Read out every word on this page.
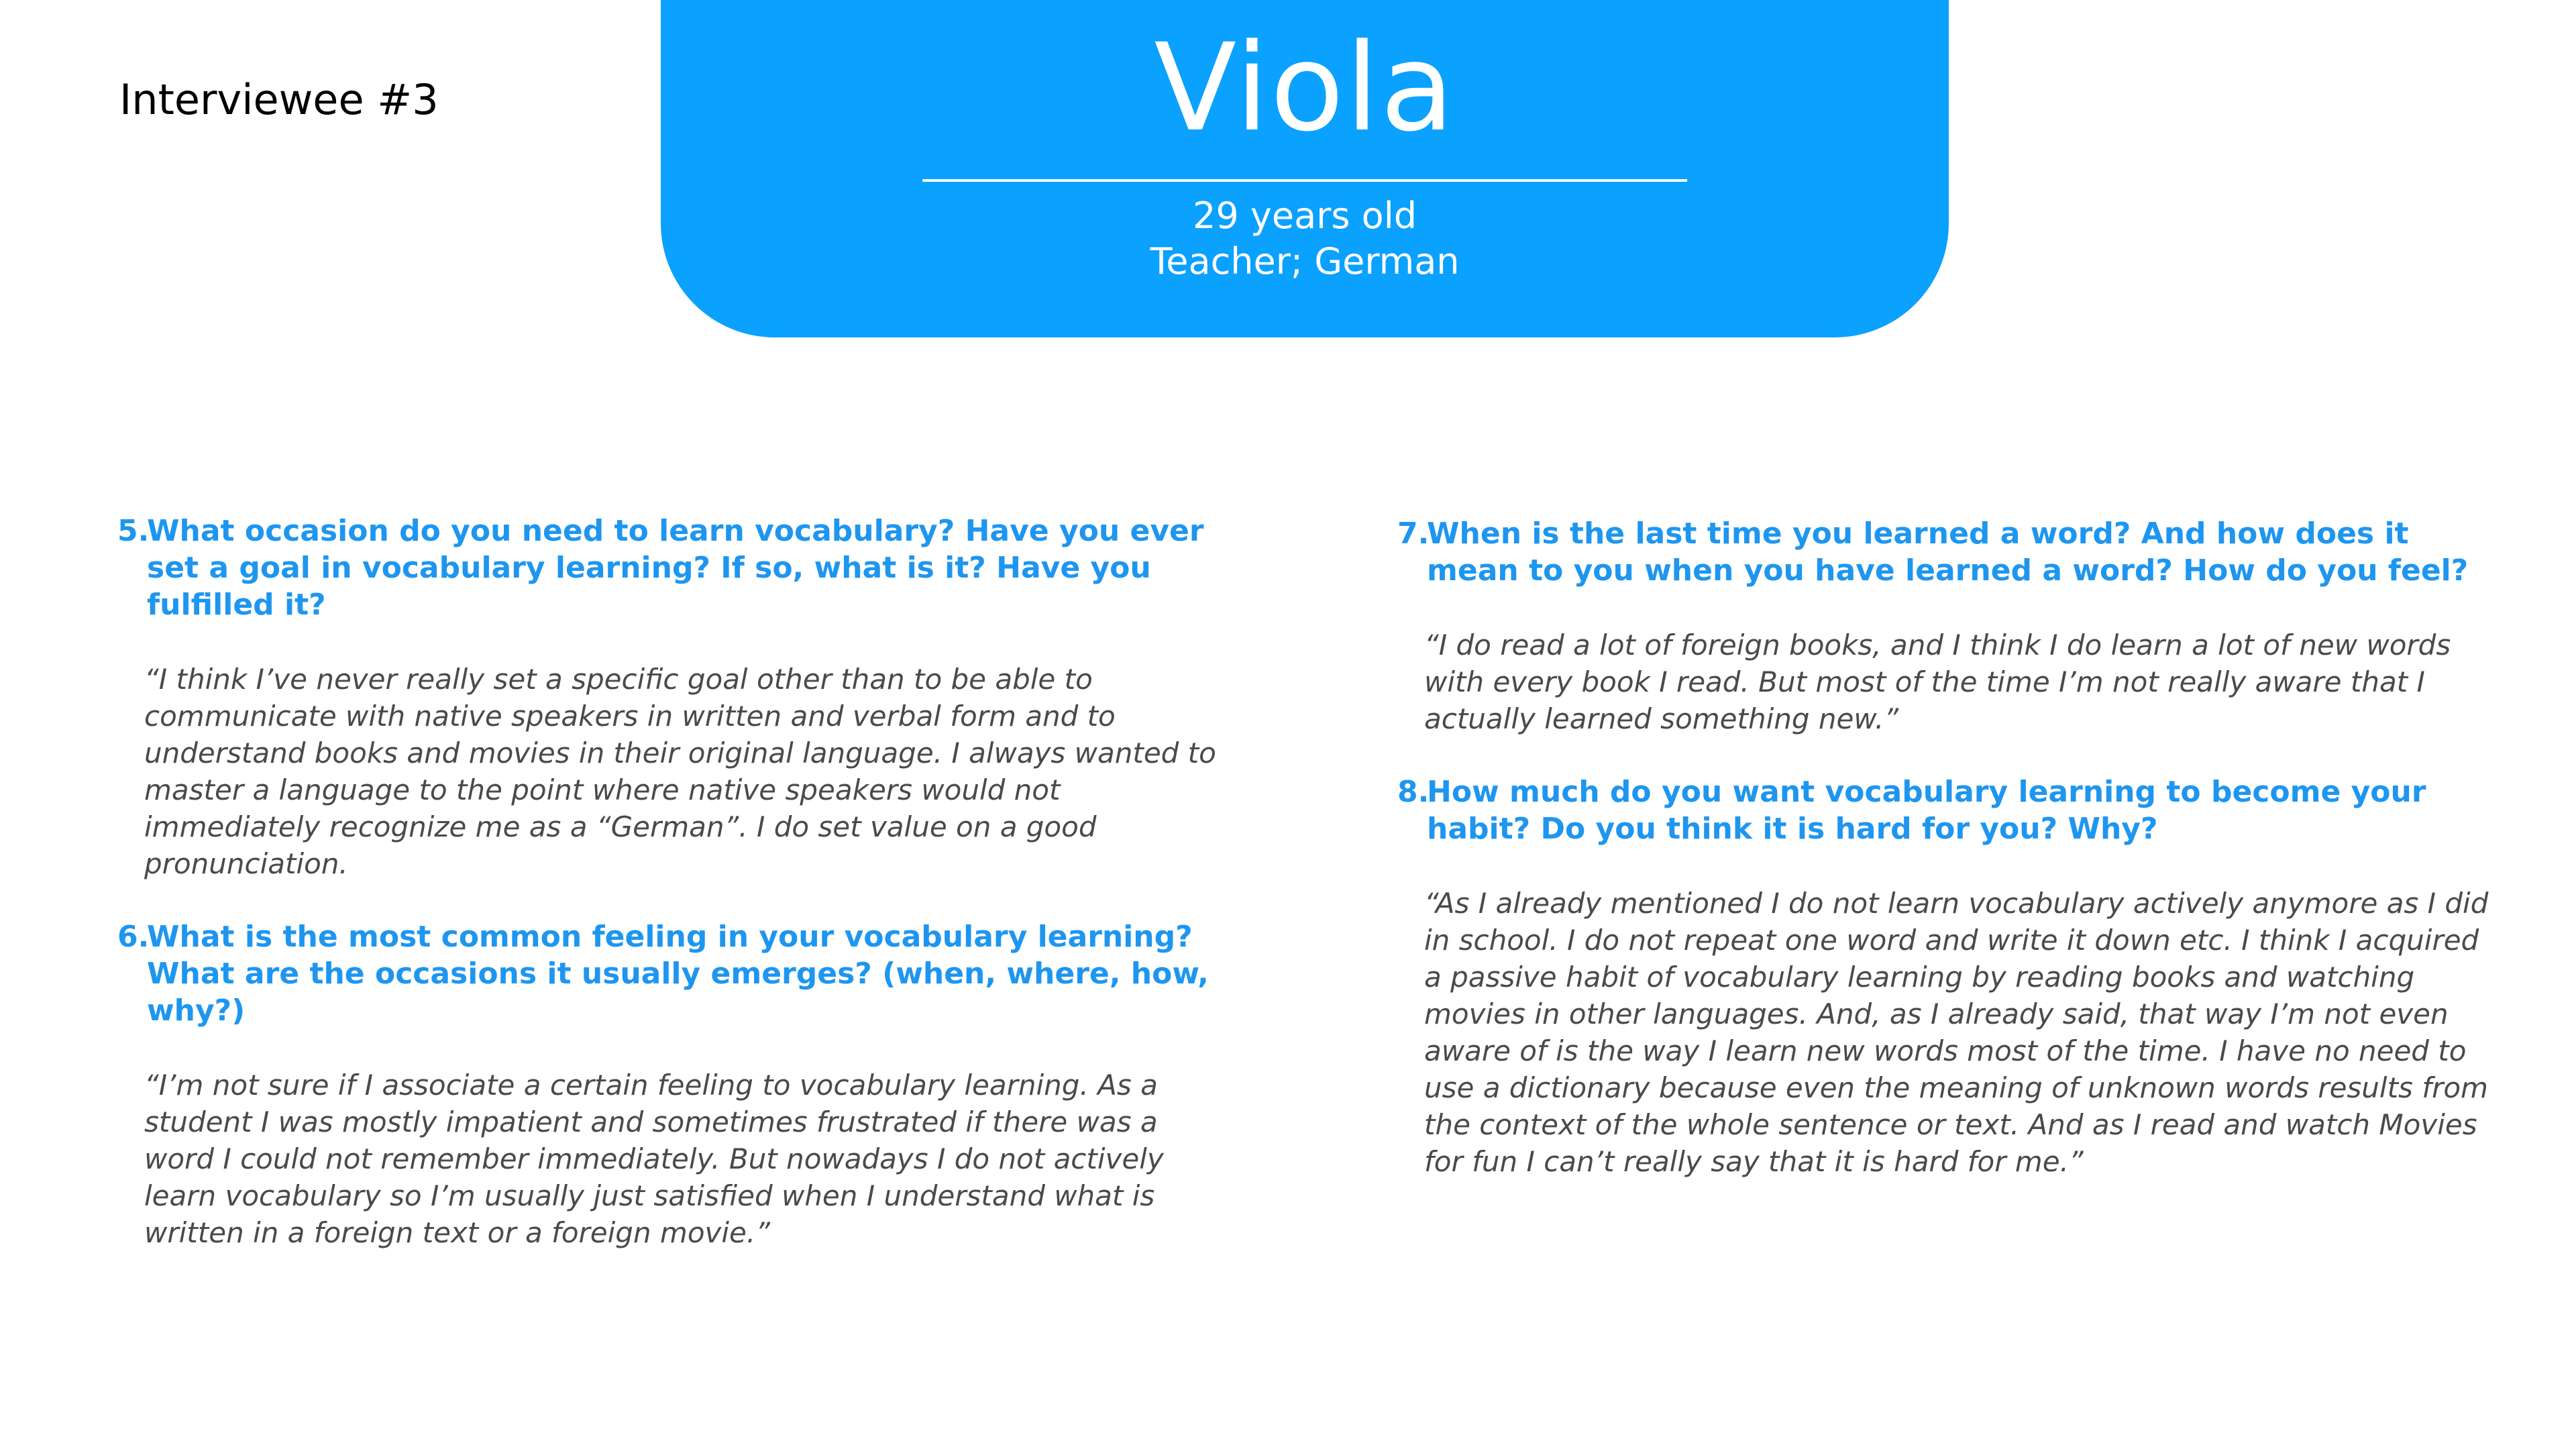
Interviewee #3	Viola
29 years old
Teacher; German
5.
What occasion do you need to learn vocabulary? Have you ever set a goal in vocabulary learning? If so, what is it? Have you fulfilled it?
“I think I’ve never really set a specific goal other than to be able to communicate with native speakers in written and verbal form and to understand books and movies in their original language. I always wanted to master a language to the point where native speakers would not immediately recognize me as a “German”. I do set value on a good pronunciation.
6.
What is the most common feeling in your vocabulary learning? What are the occasions it usually emerges? (when, where, how, why?)
“I’m not sure if I associate a certain feeling to vocabulary learning. As a student I was mostly impatient and sometimes frustrated if there was a word I could not remember immediately. But nowadays I do not actively learn vocabulary so I’m usually just satisfied when I understand what is written in a foreign text or a foreign movie.”
7.
When is the last time you learned a word? And how does it mean to you when you have learned a word? How do you feel?
“I do read a lot of foreign books, and I think I do learn a lot of new words with every book I read. But most of the time I’m not really aware that I actually learned something new.”
8.
How much do you want vocabulary learning to become your habit? Do you think it is hard for you? Why?
“As I already mentioned I do not learn vocabulary actively anymore as I did in school. I do not repeat one word and write it down etc. I think I acquired a passive habit of vocabulary learning by reading books and watching movies in other languages. And, as I already said, that way I’m not even aware of is the way I learn new words most of the time. I have no need to use a dictionary because even the meaning of unknown words results from the context of the whole sentence or text. And as I read and watch Movies for fun I can’t really say that it is hard for me.”
